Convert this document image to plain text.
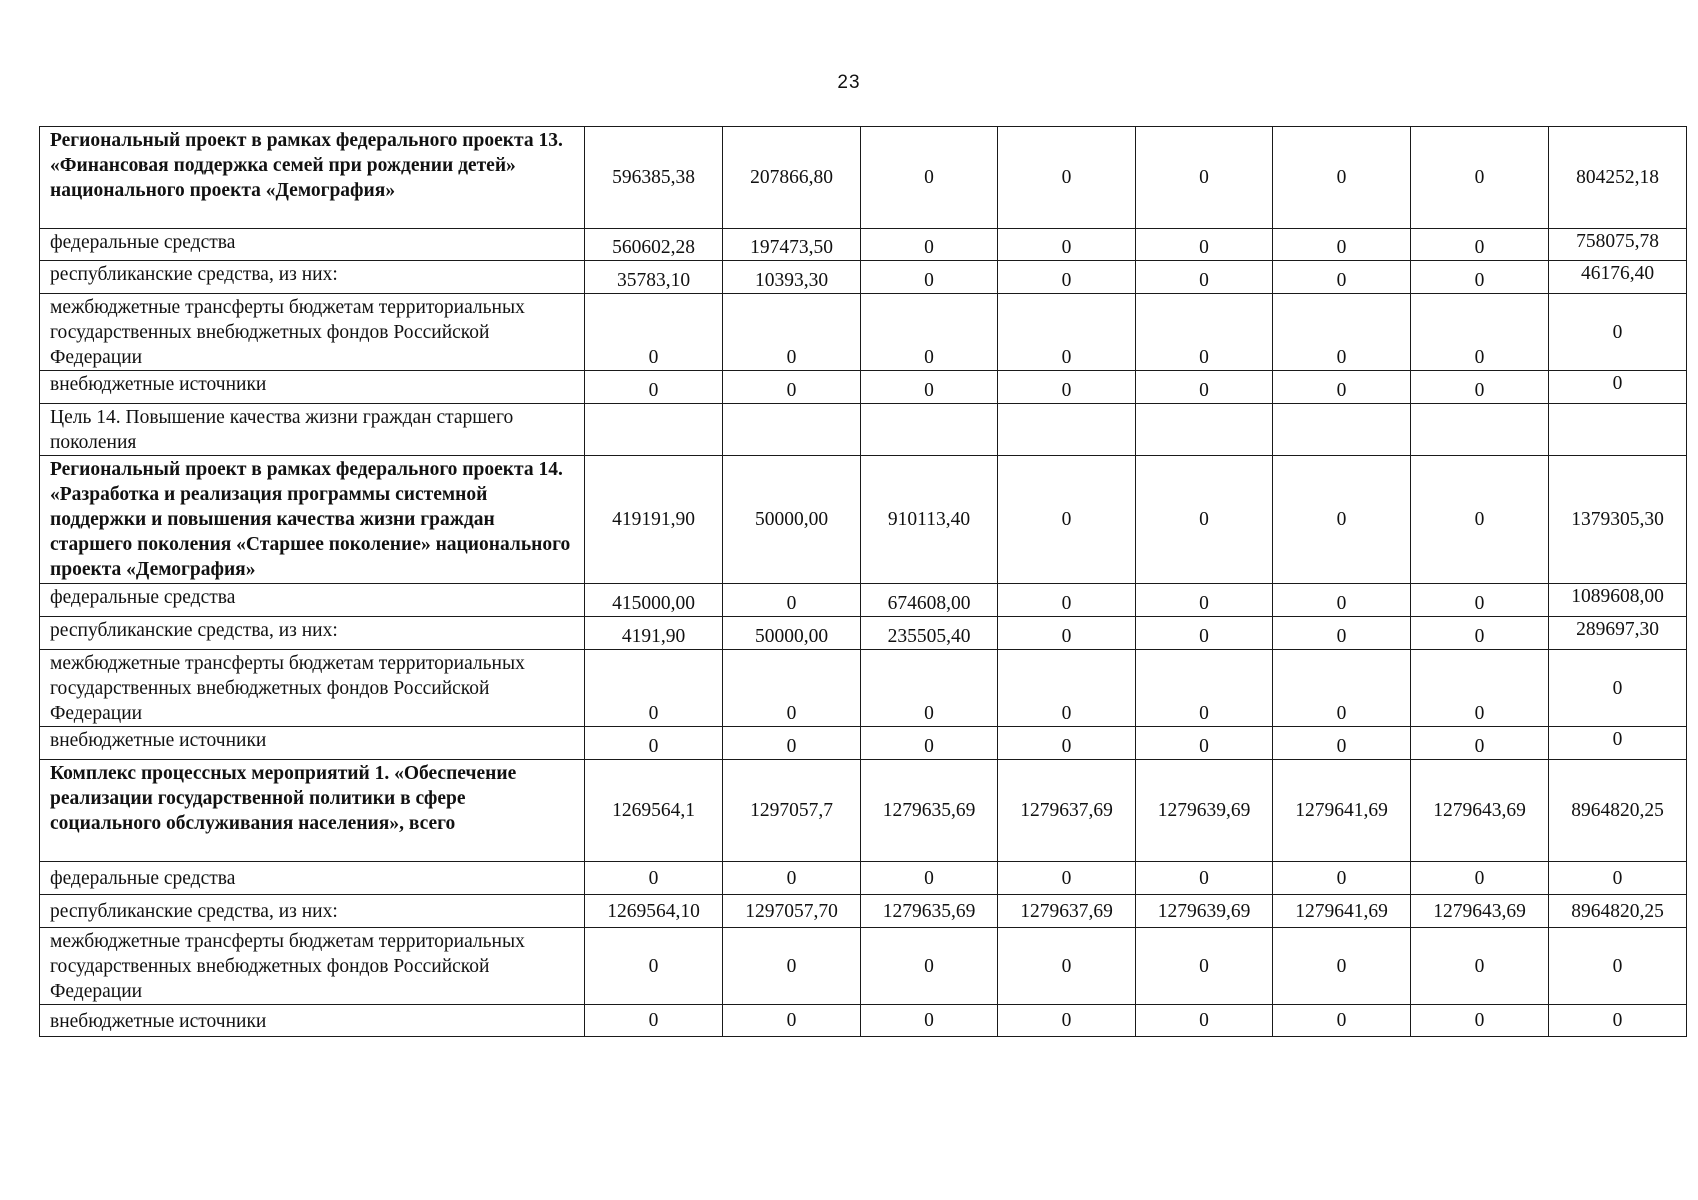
23
Региональный проект в рамках федерального проекта 13. «Финансовая поддержка семей при рождении детей» национального проекта «Демография»	596385,38	207866,80	0	0	0	0	0	804252,18
федеральные средства	560602,28	197473,50	0	0	0	0	0	758075,78
республиканские средства, из них:	35783,10	10393,30	0	0	0	0	0	46176,40
межбюджетные трансферты бюджетам территориальных государственных внебюджетных фондов Российской Федерации	0	0	0	0	0	0	0	0
внебюджетные источники	0	0	0	0	0	0	0	0
Цель 14. Повышение качества жизни граждан старшего поколения								
Региональный проект в рамках федерального проекта 14. «Разработка и реализация программы системной поддержки и повышения качества жизни граждан старшего поколения «Старшее поколение» национального проекта «Демография»	419191,90	50000,00	910113,40	0	0	0	0	1379305,30
федеральные средства	415000,00	0	674608,00	0	0	0	0	1089608,00
республиканские средства, из них:	4191,90	50000,00	235505,40	0	0	0	0	289697,30
межбюджетные трансферты бюджетам территориальных государственных внебюджетных фондов Российской Федерации	0	0	0	0	0	0	0	0
внебюджетные источники	0	0	0	0	0	0	0	0
Комплекс процессных мероприятий 1. «Обеспечение реализации государственной политики в сфере социального обслуживания населения», всего	1269564,1	1297057,7	1279635,69	1279637,69	1279639,69	1279641,69	1279643,69	8964820,25
федеральные средства	0	0	0	0	0	0	0	0
республиканские средства, из них:	1269564,10	1297057,70	1279635,69	1279637,69	1279639,69	1279641,69	1279643,69	8964820,25
межбюджетные трансферты бюджетам территориальных государственных внебюджетных фондов Российской Федерации	0	0	0	0	0	0	0	0
внебюджетные источники	0	0	0	0	0	0	0	0
